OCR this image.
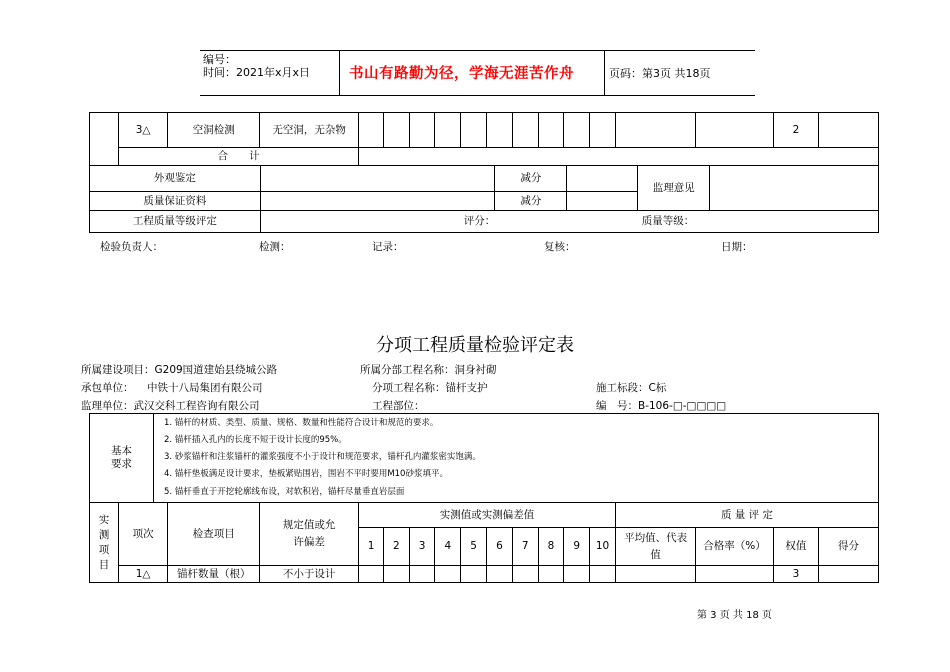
编号：
时间：2021年x月x日	书山有路勤为径，学海无涯苦作舟	页码：第3页 共18页
	3△	空洞检测	无空洞，无杂物													2	
	合　　计																
外观鉴定		减分		监理意见	
质量保证资料		减分			
工程质量等级评定	评分： 质量等级：				
检验负责人：	检测：	记录：	复核：	日期：
分项工程质量检验评定表
所属建设项目：G209国道建始县绕城公路	所属分部工程名称：洞身衬砌
承包单位： 中铁十八局集团有限公司	分项工程名称：锚杆支护	施工标段：C标
监理单位：武汉交科工程咨询有限公司	工程部位：	编　号：B-106-□-□□□□
基本要求	
1. 锚杆的材质、类型、质量、规格、数量和性能符合设计和规范的要求。
2. 锚杆插入孔内的长度不短于设计长度的95%。
3. 砂浆锚杆和注浆锚杆的灌浆强度不小于设计和规范要求，锚杆孔内灌浆密实饱满。
4. 锚杆垫板满足设计要求，垫板紧贴围岩，围岩不平时要用M10砂浆填平。
5. 锚杆垂直于开挖轮廓线布设，对软积岩，锚杆尽量垂直岩层面
实测项目	项次	检查项目	规定值或允许偏差	实测值或实测偏差值										质 量 评 定			
				1	2	3	4	5	6	7	8	9	10	平均值、代表值	合格率（%）	权值	得分
	1△	锚杆数量（根）	不小于设计													3	
第 3 页 共 18 页
